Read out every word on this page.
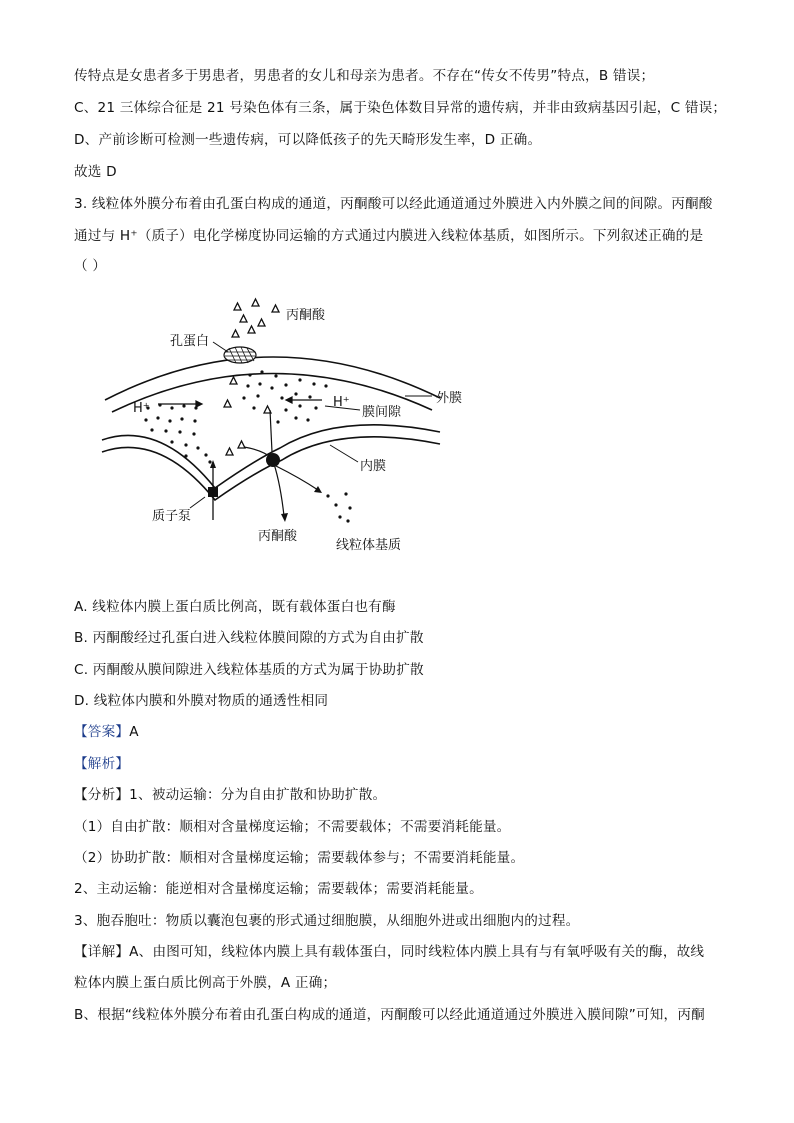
传特点是女患者多于男患者，男患者的女儿和母亲为患者。不存在“传女不传男”特点，B 错误；
C、21 三体综合征是 21 号染色体有三条，属于染色体数目异常的遗传病，并非由致病基因引起，C 错误；
D、产前诊断可检测一些遗传病，可以降低孩子的先天畸形发生率，D 正确。
故选 D
3. 线粒体外膜分布着由孔蛋白构成的通道，丙酮酸可以经此通道通过外膜进入内外膜之间的间隙。丙酮酸
通过与 H⁺（质子）电化学梯度协同运输的方式通过内膜进入线粒体基质，如图所示。下列叙述正确的是
（ ）
丙酮酸
孔蛋白
外膜
膜间隙
H⁺	H⁺
内膜
质子泵
丙酮酸
线粒体基质
A. 线粒体内膜上蛋白质比例高，既有载体蛋白也有酶
B. 丙酮酸经过孔蛋白进入线粒体膜间隙的方式为自由扩散
C. 丙酮酸从膜间隙进入线粒体基质的方式为属于协助扩散
D. 线粒体内膜和外膜对物质的通透性相同
【答案】A
【解析】
【分析】1、被动运输：分为自由扩散和协助扩散。
（1）自由扩散：顺相对含量梯度运输；不需要载体；不需要消耗能量。
（2）协助扩散：顺相对含量梯度运输；需要载体参与；不需要消耗能量。
2、主动运输：能逆相对含量梯度运输；需要载体；需要消耗能量。
3、胞吞胞吐：物质以囊泡包裹的形式通过细胞膜，从细胞外进或出细胞内的过程。
【详解】A、由图可知，线粒体内膜上具有载体蛋白，同时线粒体内膜上具有与有氧呼吸有关的酶，故线
粒体内膜上蛋白质比例高于外膜，A 正确；
B、根据“线粒体外膜分布着由孔蛋白构成的通道，丙酮酸可以经此通道通过外膜进入膜间隙”可知，丙酮
